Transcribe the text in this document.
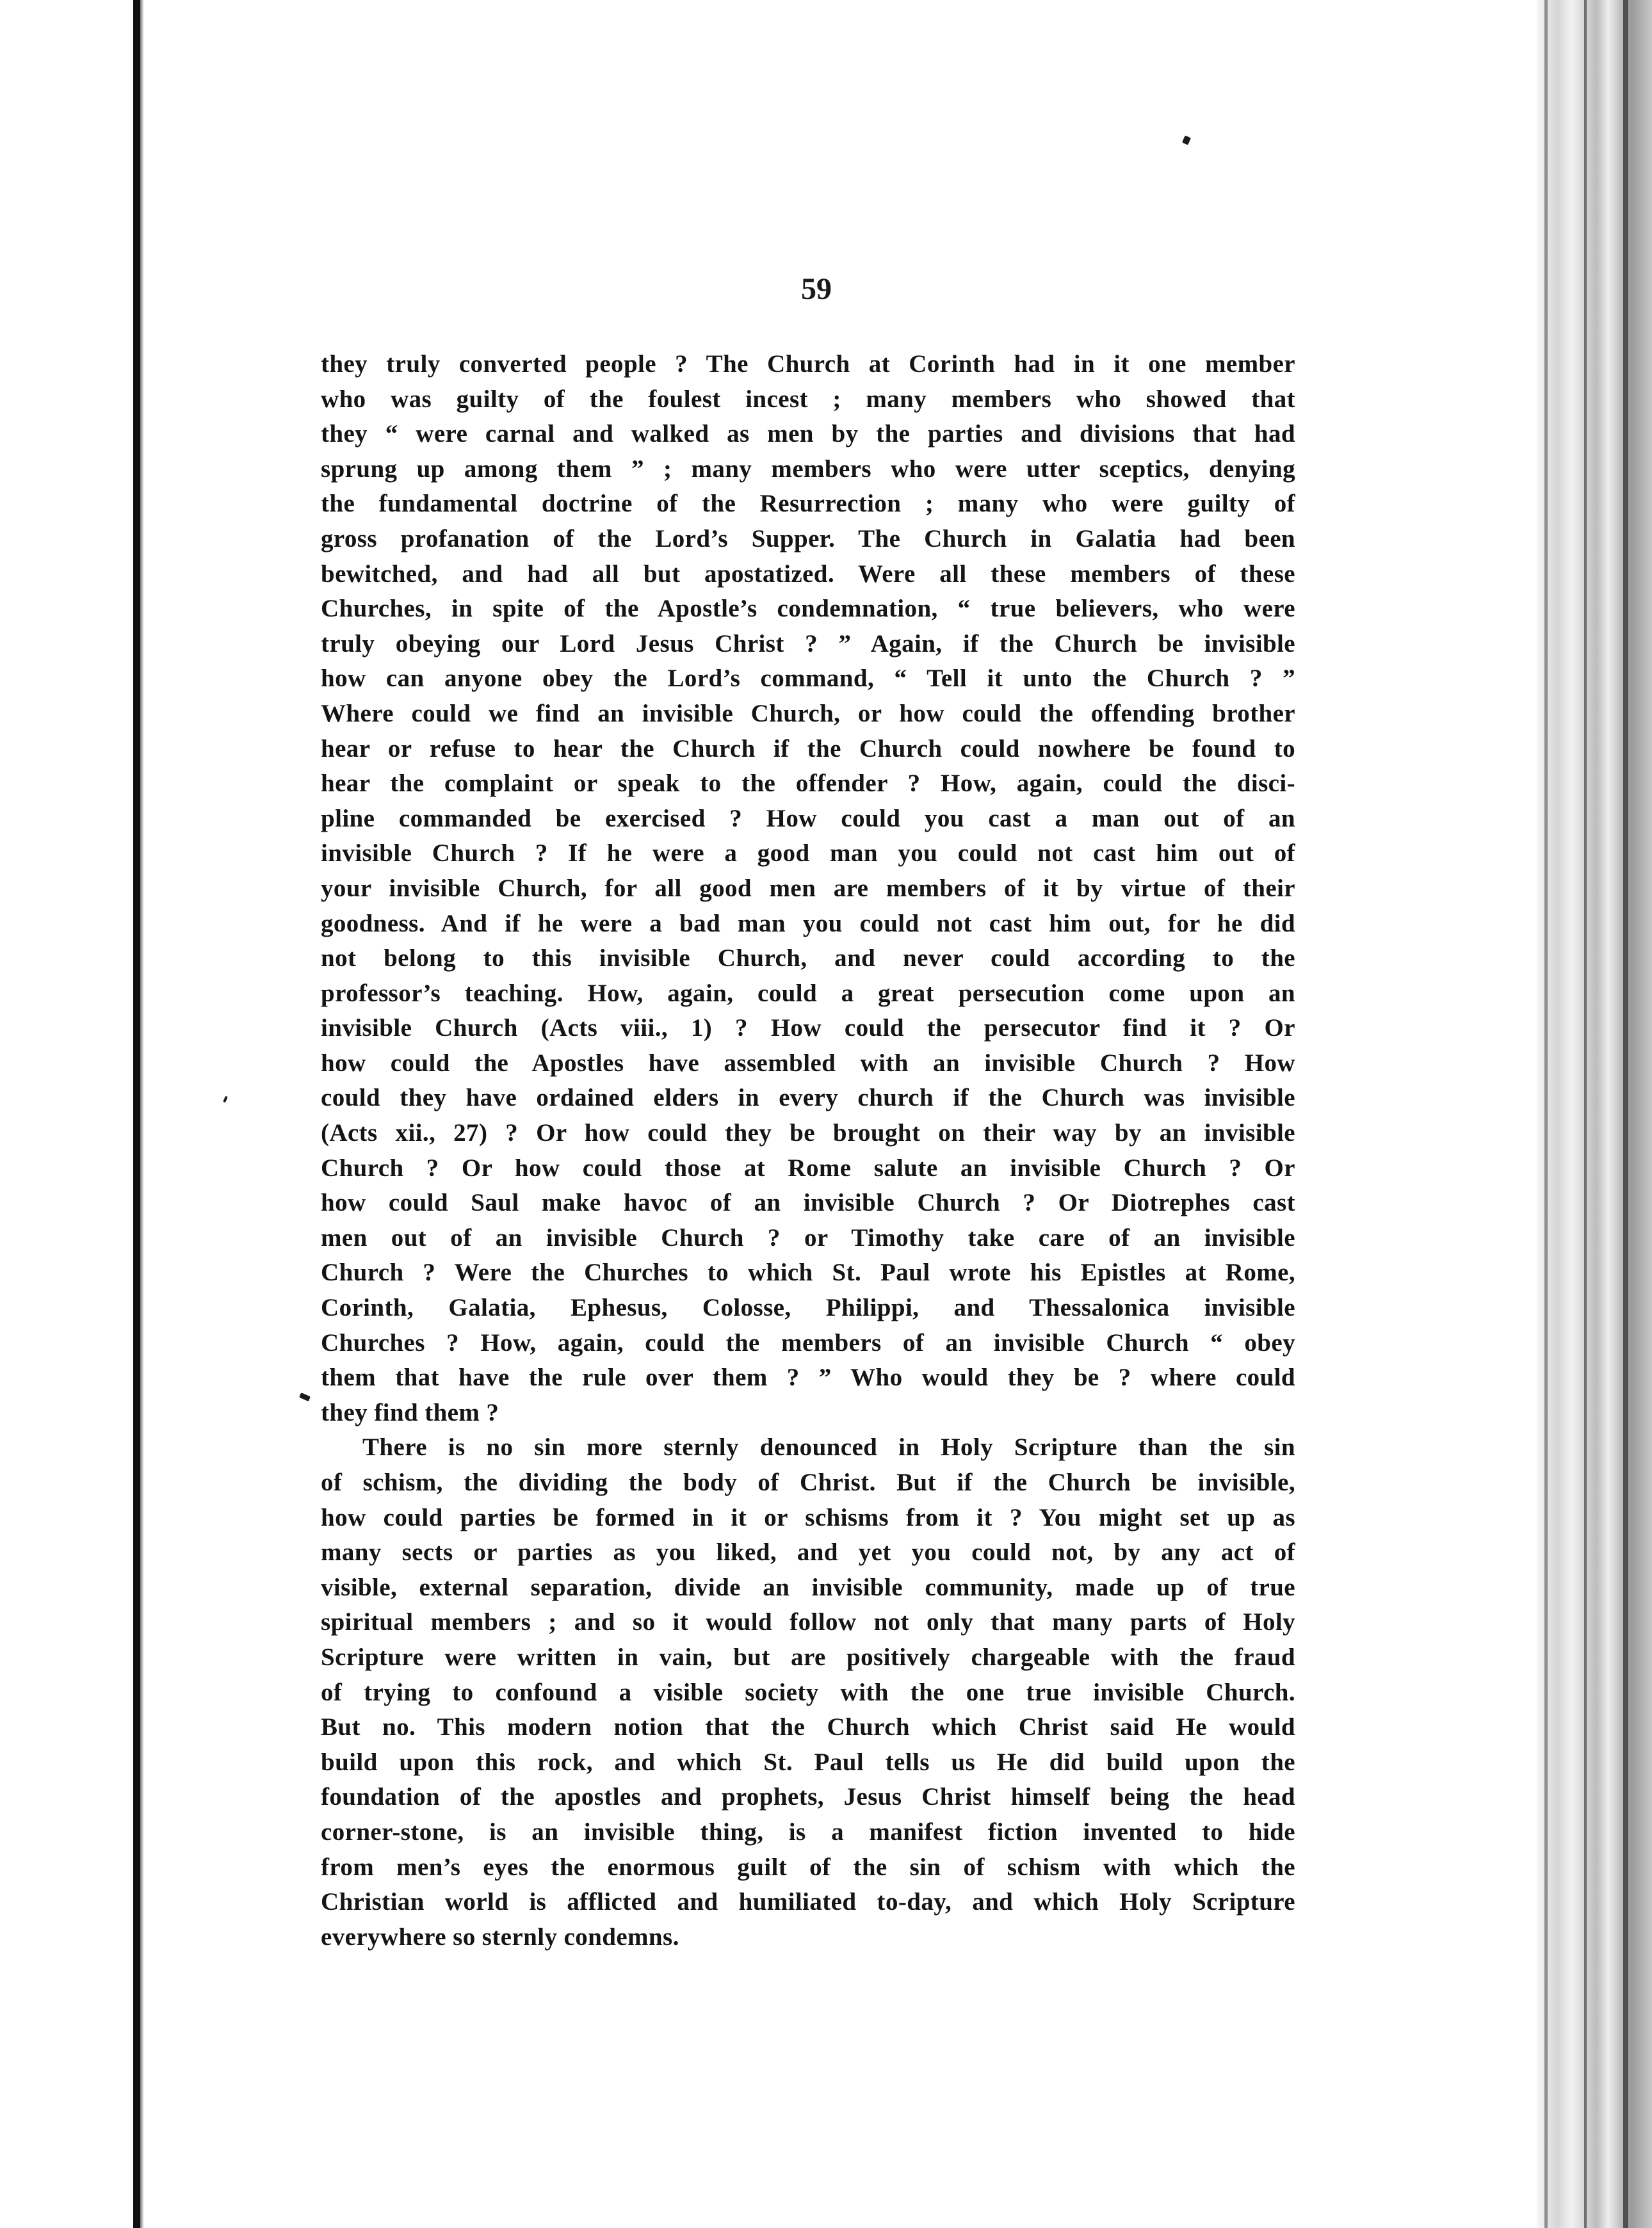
59
they truly converted people ? The Church at Corinth had in it one member
who was guilty of the foulest incest ; many members who showed that
they “ were carnal and walked as men by the parties and divisions that had
sprung up among them ” ; many members who were utter sceptics, denying
the fundamental doctrine of the Resurrection ; many who were guilty of
gross profanation of the Lord’s Supper. The Church in Galatia had been
bewitched, and had all but apostatized. Were all these members of these
Churches, in spite of the Apostle’s condemnation, “ true believers, who were
truly obeying our Lord Jesus Christ ? ” Again, if the Church be invisible
how can anyone obey the Lord’s command, “ Tell it unto the Church ? ”
Where could we find an invisible Church, or how could the offending brother
hear or refuse to hear the Church if the Church could nowhere be found to
hear the complaint or speak to the offender ? How, again, could the disci-
pline commanded be exercised ? How could you cast a man out of an
invisible Church ? If he were a good man you could not cast him out of
your invisible Church, for all good men are members of it by virtue of their
goodness. And if he were a bad man you could not cast him out, for he did
not belong to this invisible Church, and never could according to the
professor’s teaching. How, again, could a great persecution come upon an
invisible Church (Acts viii., 1) ? How could the persecutor find it ? Or
how could the Apostles have assembled with an invisible Church ? How
could they have ordained elders in every church if the Church was invisible
(Acts xii., 27) ? Or how could they be brought on their way by an invisible
Church ? Or how could those at Rome salute an invisible Church ? Or
how could Saul make havoc of an invisible Church ? Or Diotrephes cast
men out of an invisible Church ? or Timothy take care of an invisible
Church ? Were the Churches to which St. Paul wrote his Epistles at Rome,
Corinth, Galatia, Ephesus, Colosse, Philippi, and Thessalonica invisible
Churches ? How, again, could the members of an invisible Church “ obey
them that have the rule over them ? ” Who would they be ? where could
they find them ?
There is no sin more sternly denounced in Holy Scripture than the sin
of schism, the dividing the body of Christ. But if the Church be invisible,
how could parties be formed in it or schisms from it ? You might set up as
many sects or parties as you liked, and yet you could not, by any act of
visible, external separation, divide an invisible community, made up of true
spiritual members ; and so it would follow not only that many parts of Holy
Scripture were written in vain, but are positively chargeable with the fraud
of trying to confound a visible society with the one true invisible Church.
But no. This modern notion that the Church which Christ said He would
build upon this rock, and which St. Paul tells us He did build upon the
foundation of the apostles and prophets, Jesus Christ himself being the head
corner-stone, is an invisible thing, is a manifest fiction invented to hide
from men’s eyes the enormous guilt of the sin of schism with which the
Christian world is afflicted and humiliated to-day, and which Holy Scripture
everywhere so sternly condemns.
